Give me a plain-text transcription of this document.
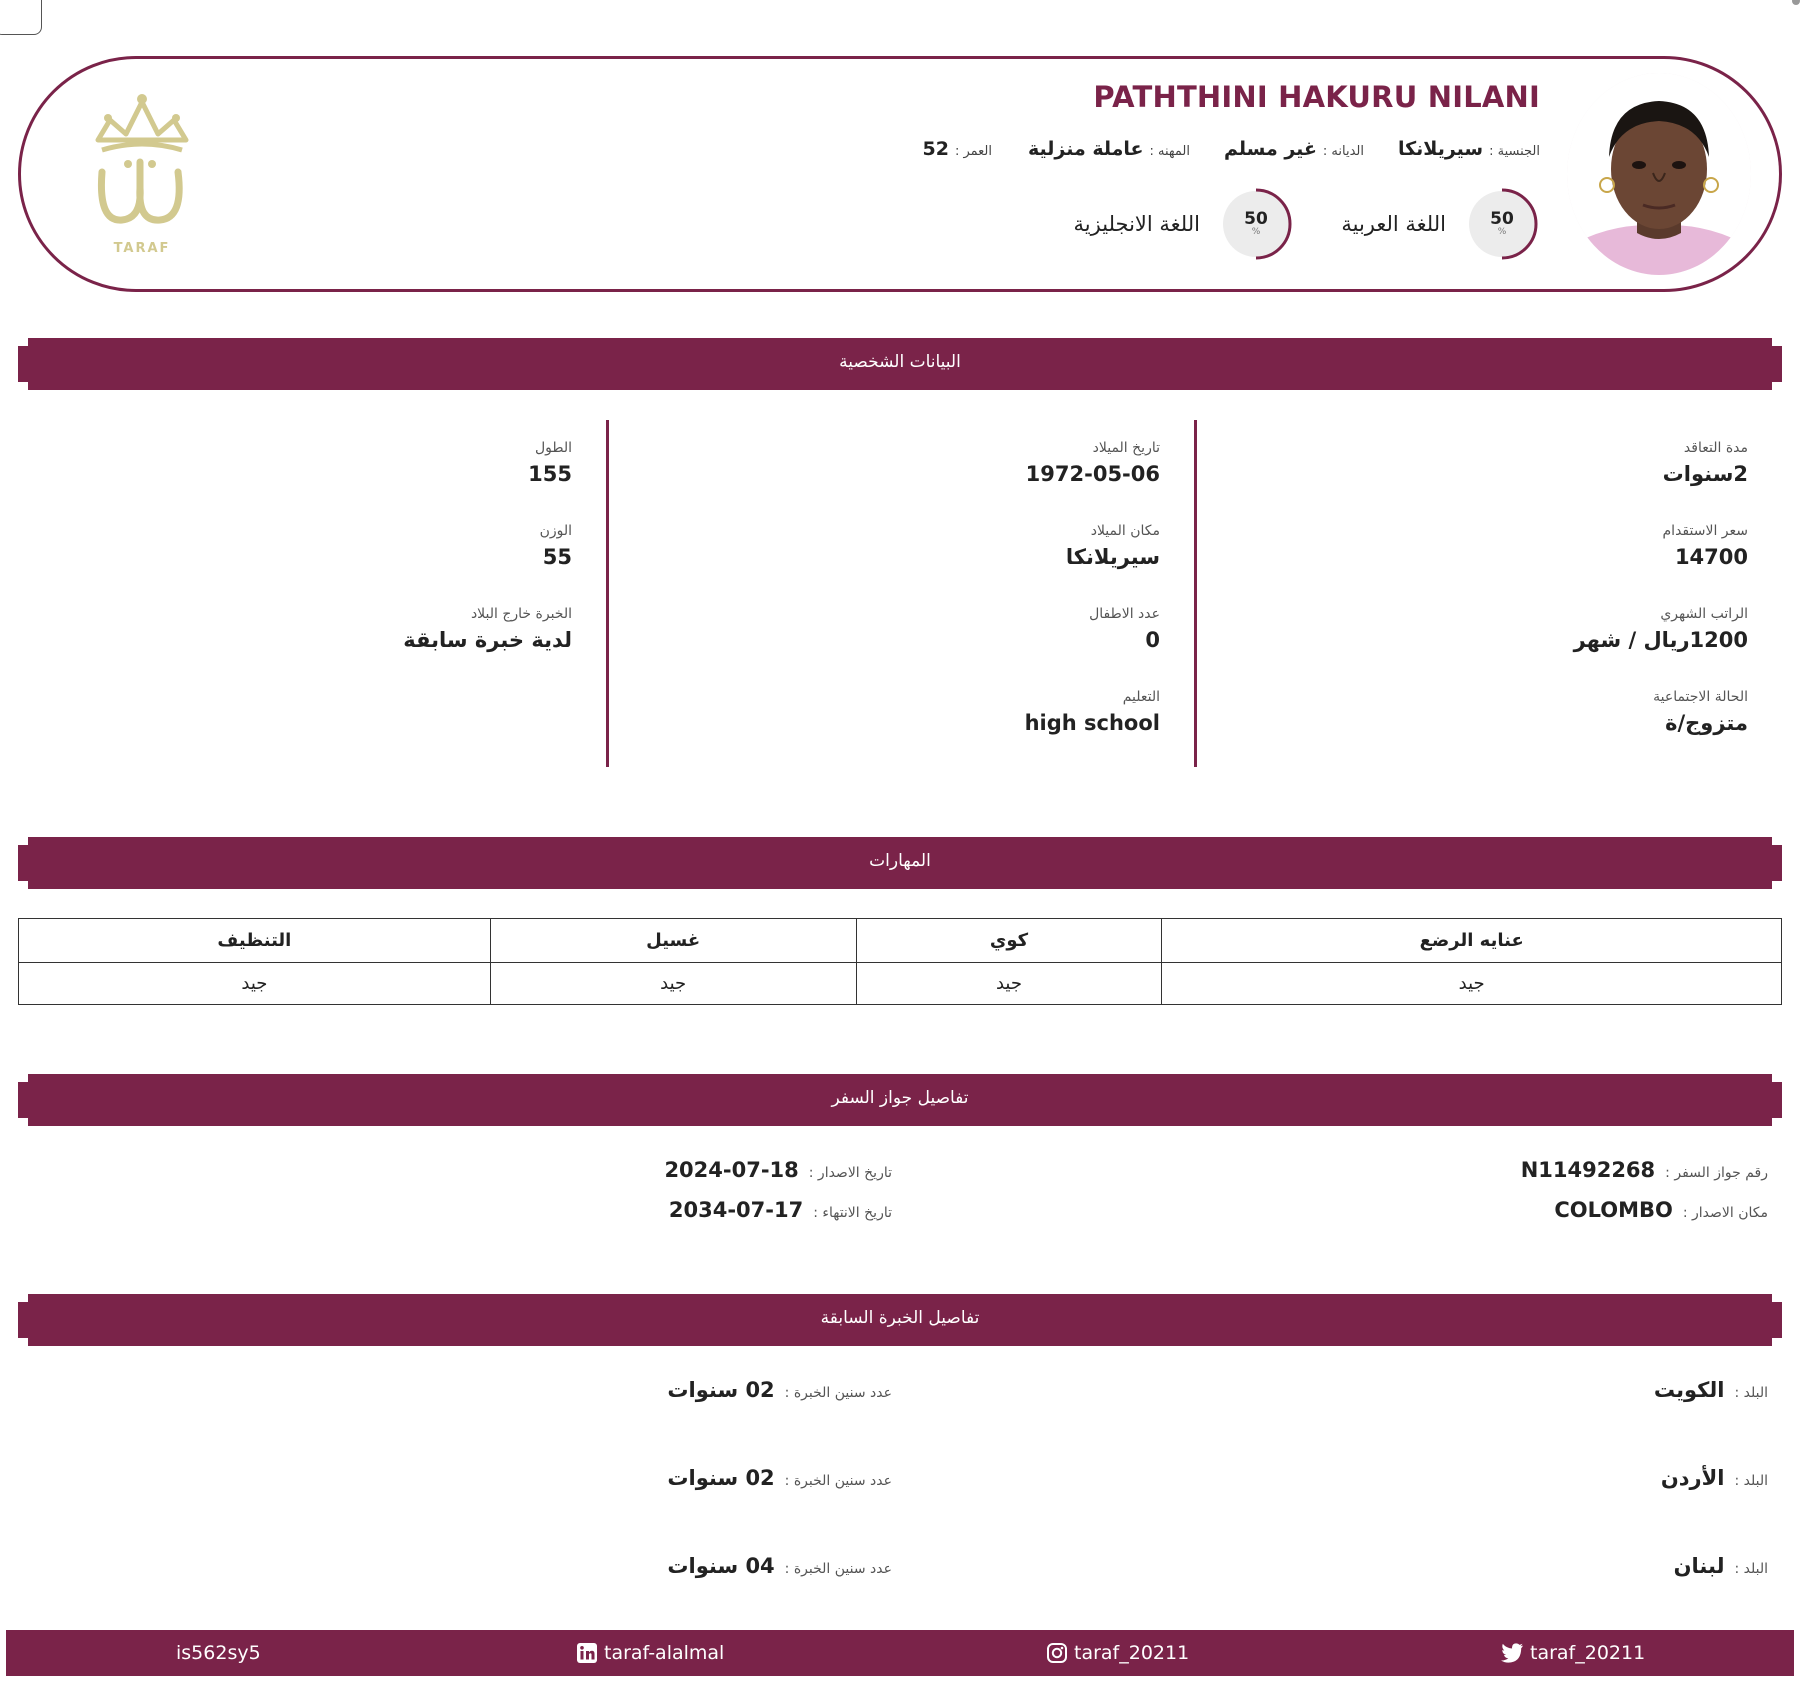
TARAF
PATHTHINI HAKURU NILANI
الجنسية :
سيريلانكا
الديانه :
غير مسلم
المهنه :
عاملة منزلية
العمر :
52
50
%
اللغة العربية
50
%
اللغة الانجليزية
البيانات الشخصية
مدة التعاقد
2سنوات
سعر الاستقدام
14700
الراتب الشهري
1200ريال / شهر
الحالة الاجتماعية
متزوج/ة
تاريخ الميلاد
1972-05-06
مكان الميلاد
سيريلانكا
عدد الاطفال
0
التعليم
high school
الطول
155
الوزن
55
الخبرة خارج البلاد
لدية خبرة سابقة
المهارات
عنايه الرضع	كوي	غسيل	التنظيف
جيد	جيد	جيد	جيد
تفاصيل جواز السفر
رقم جواز السفر :
N11492268
مكان الاصدار :
COLOMBO
تاريخ الاصدار :
2024-07-18
تاريخ الانتهاء :
2034-07-17
تفاصيل الخبرة السابقة
البلد :
الكويت
عدد سنين الخبرة :
02 سنوات
البلد :
الأردن
عدد سنين الخبرة :
02 سنوات
البلد :
لبنان
عدد سنين الخبرة :
04 سنوات
is562sy5	taraf-alalmal	taraf_20211	taraf_20211
